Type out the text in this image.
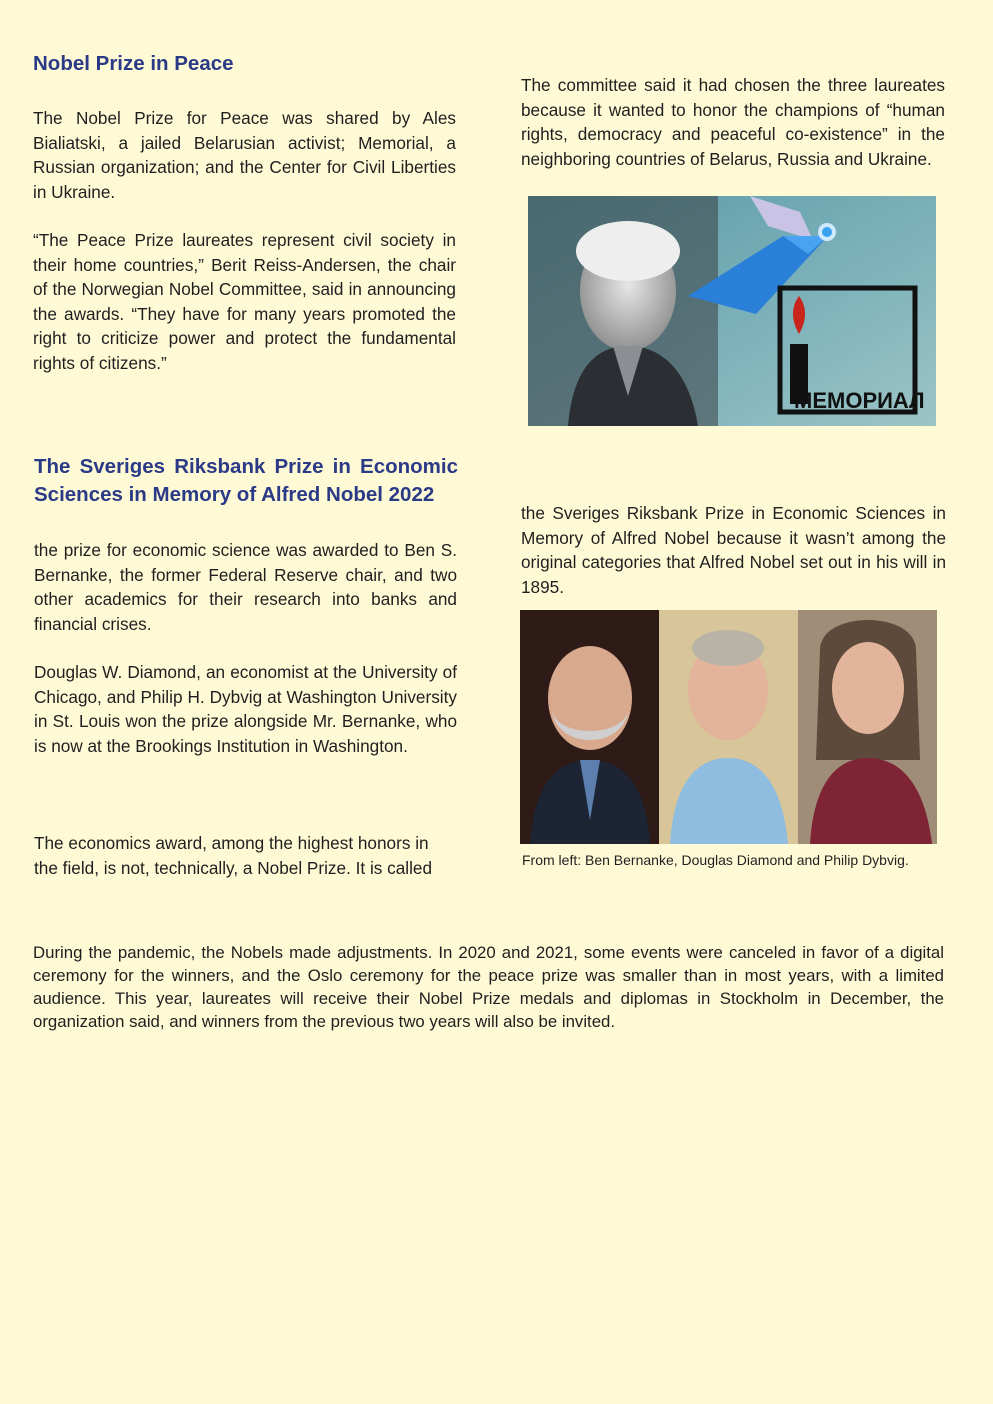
Nobel Prize in Peace

The Nobel Prize for Peace was shared by Ales Bialiatski, a jailed Belarusian activist; Memorial, a Russian organization; and the Center for Civil Liberties in Ukraine.

“The Peace Prize laureates represent civil society in their home countries,” Berit Reiss-Andersen, the chair of the Norwegian Nobel Committee, said in announcing the awards. “They have for many years promoted the right to criticize power and protect the fundamental rights of citizens.”

The committee said it had chosen the three laureates because it wanted to honor the champions of “human rights, democracy and peaceful co-existence” in the neighboring countries of Belarus, Russia and Ukraine.

МЕМОРИАЛ
The Sveriges Riksbank Prize in Economic Sciences in Memory of Alfred Nobel 2022

the prize for economic science was awarded to Ben S. Bernanke, the former Federal Reserve chair, and two other academics for their research into banks and financial crises.

Douglas W. Diamond, an economist at the University of Chicago, and Philip H. Dybvig at Washington University in St. Louis won the prize alongside Mr. Bernanke, who is now at the Brookings Institution in Washington.

The economics award, among the highest honors in the field, is not, technically, a Nobel Prize. It is called

the Sveriges Riksbank Prize in Economic Sciences in Memory of Alfred Nobel because it wasn’t among the original categories that Alfred Nobel set out in his will in 1895.

From left: Ben Bernanke, Douglas Diamond and Philip Dybvig.

During the pandemic, the Nobels made adjustments. In 2020 and 2021, some events were canceled in favor of a digital ceremony for the winners, and the Oslo ceremony for the peace prize was smaller than in most years, with a limited audience. This year, laureates will receive their Nobel Prize medals and diplomas in Stockholm in December, the organization said, and winners from the previous two years will also be invited.
